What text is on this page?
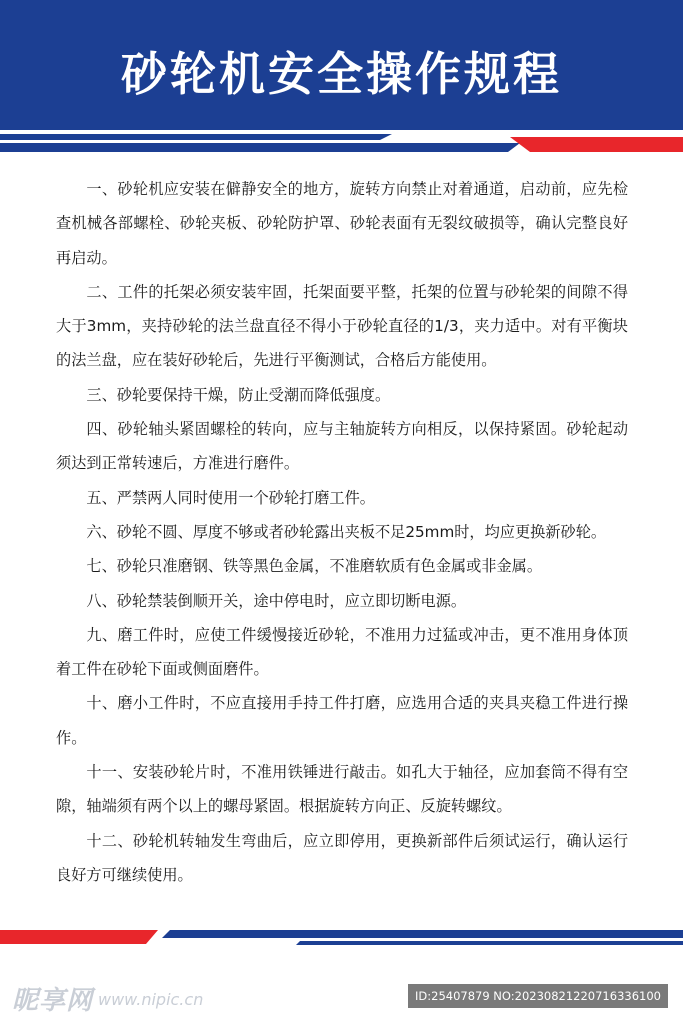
砂轮机安全操作规程

一、砂轮机应安装在僻静安全的地方，旋转方向禁止对着通道，启动前，应先检查机械各部螺栓、砂轮夹板、砂轮防护罩、砂轮表面有无裂纹破损等，确认完整良好再启动。

二、工件的托架必须安装牢固，托架面要平整，托架的位置与砂轮架的间隙不得大于3mm，夹持砂轮的法兰盘直径不得小于砂轮直径的1/3，夹力适中。对有平衡块的法兰盘，应在装好砂轮后，先进行平衡测试，合格后方能使用。

三、砂轮要保持干燥，防止受潮而降低强度。

四、砂轮轴头紧固螺栓的转向，应与主轴旋转方向相反，以保持紧固。砂轮起动须达到正常转速后，方准进行磨件。

五、严禁两人同时使用一个砂轮打磨工件。

六、砂轮不圆、厚度不够或者砂轮露出夹板不足25mm时，均应更换新砂轮。

七、砂轮只准磨钢、铁等黑色金属，不准磨软质有色金属或非金属。

八、砂轮禁装倒顺开关，途中停电时，应立即切断电源。

九、磨工件时，应使工件缓慢接近砂轮，不准用力过猛或冲击，更不准用身体顶着工件在砂轮下面或侧面磨件。

十、磨小工件时，不应直接用手持工件打磨，应选用合适的夹具夹稳工件进行操作。

十一、安装砂轮片时，不准用铁锤进行敲击。如孔大于轴径，应加套筒不得有空隙，轴端须有两个以上的螺母紧固。根据旋转方向正、反旋转螺纹。

十二、砂轮机转轴发生弯曲后，应立即停用，更换新部件后须试运行，确认运行良好方可继续使用。

昵享网 www.nipic.cn	ID:25407879 NO:20230821220716336100
